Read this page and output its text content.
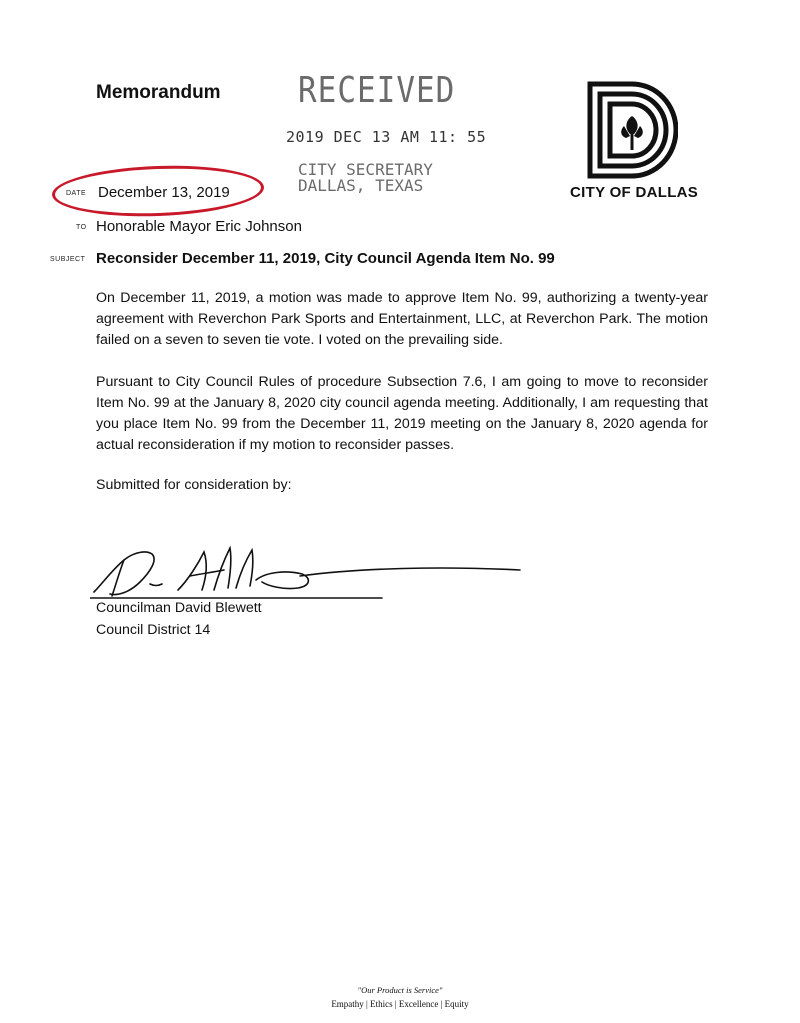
Memorandum RECEIVED
2019 DEC 13 AM 11: 55
CITY SECRETARY
DALLAS, TEXAS	CITY OF DALLAS
DATE December 13, 2019
TO Honorable Mayor Eric Johnson
SUBJECT Reconsider December 11, 2019, City Council Agenda Item No. 99
On December 11, 2019, a motion was made to approve Item No. 99, authorizing a twenty-year agreement with Reverchon Park Sports and Entertainment, LLC, at Reverchon Park. The motion failed on a seven to seven tie vote. I voted on the prevailing side.
Pursuant to City Council Rules of procedure Subsection 7.6, I am going to move to reconsider Item No. 99 at the January 8, 2020 city council agenda meeting. Additionally, I am requesting that you place Item No. 99 from the December 11, 2019 meeting on the January 8, 2020 agenda for actual reconsideration if my motion to reconsider passes.
Submitted for consideration by:
Councilman David Blewett
Council District 14
"Our Product is Service"
Empathy | Ethics | Excellence | Equity
